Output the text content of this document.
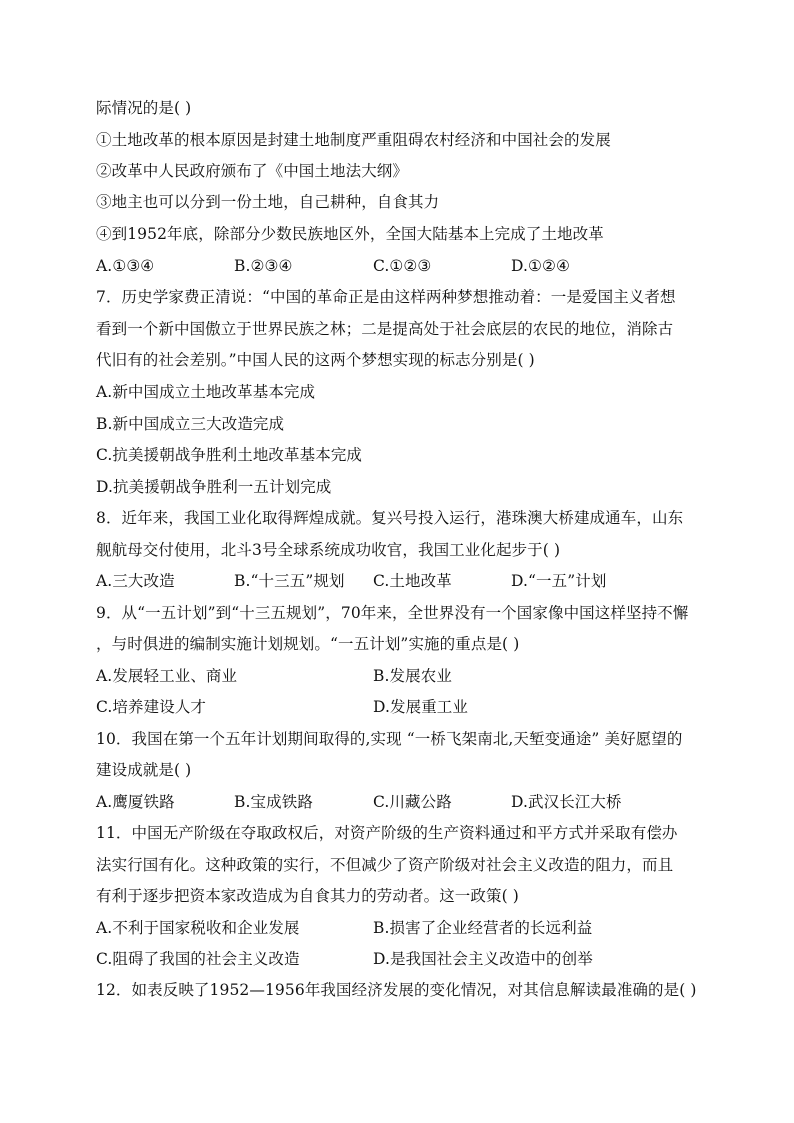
际情况的是( )
①土地改革的根本原因是封建土地制度严重阻碍农村经济和中国社会的发展
②改革中人民政府颁布了《中国土地法大纲》
③地主也可以分到一份土地，自己耕种，自食其力
④到1952年底，除部分少数民族地区外，全国大陆基本上完成了土地改革
A.①③④	B.②③④	C.①②③	D.①②④
7．历史学家费正清说：“中国的革命正是由这样两种梦想推动着：一是爱国主义者想
看到一个新中国傲立于世界民族之林；二是提高处于社会底层的农民的地位，消除古
代旧有的社会差别。”中国人民的这两个梦想实现的标志分别是( )
A.新中国成立土地改革基本完成
B.新中国成立三大改造完成
C.抗美援朝战争胜利土地改革基本完成
D.抗美援朝战争胜利一五计划完成
8．近年来，我国工业化取得辉煌成就。复兴号投入运行，港珠澳大桥建成通车，山东
舰航母交付使用，北斗3号全球系统成功收官，我国工业化起步于( )
A.三大改造	B.“十三五”规划 C.土地改革	D.“一五”计划
9．从“一五计划”到“十三五规划”，70年来，全世界没有一个国家像中国这样坚持不懈
，与时俱进的编制实施计划规划。“一五计划”实施的重点是( )
A.发展轻工业、商业	B.发展农业
C.培养建设人才	D.发展重工业
10．我国在第一个五年计划期间取得的,实现 “一桥飞架南北,天堑变通途” 美好愿望的
建设成就是( )
A.鹰厦铁路	B.宝成铁路	C.川藏公路	D.武汉长江大桥
11．中国无产阶级在夺取政权后，对资产阶级的生产资料通过和平方式并采取有偿办
法实行国有化。这种政策的实行，不但减少了资产阶级对社会主义改造的阻力，而且
有利于逐步把资本家改造成为自食其力的劳动者。这一政策( )
A.不利于国家税收和企业发展	B.损害了企业经营者的长远利益
C.阻碍了我国的社会主义改造	D.是我国社会主义改造中的创举
12．如表反映了1952—1956年我国经济发展的变化情况，对其信息解读最准确的是( )
